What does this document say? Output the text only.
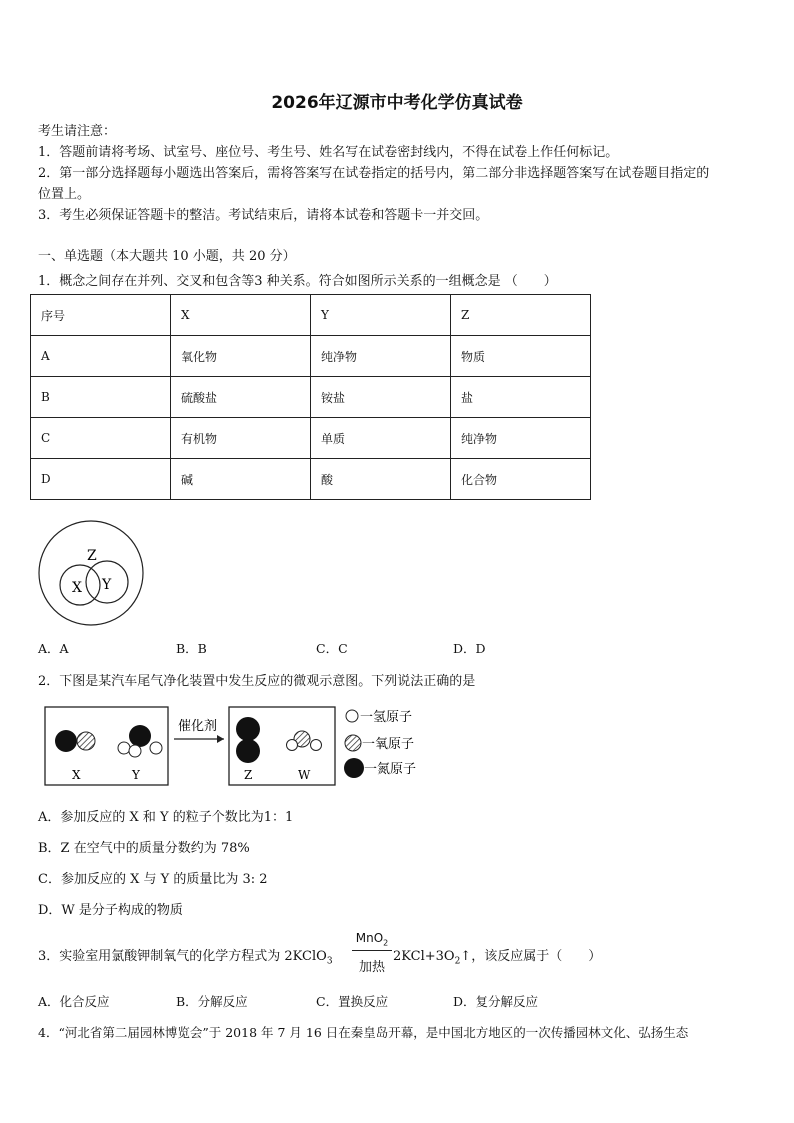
2026年辽源市中考化学仿真试卷
考生请注意：
1．答题前请将考场、试室号、座位号、考生号、姓名写在试卷密封线内，不得在试卷上作任何标记。
2．第一部分选择题每小题选出答案后，需将答案写在试卷指定的括号内，第二部分非选择题答案写在试卷题目指定的
位置上。
3．考生必须保证答题卡的整洁。考试结束后，请将本试卷和答题卡一并交回。
一、单选题（本大题共 10 小题，共 20 分）
1．概念之间存在并列、交叉和包含等3 种关系。符合如图所示关系的一组概念是 （　　）
序号	X	Y	Z
A	氧化物	纯净物	物质
B	硫酸盐	铵盐	盐
C	有机物	单质	纯净物
D	碱	酸	化合物
Z
X Y
A．A	B．B	C．C	D．D
2．下图是某汽车尾气净化装置中发生反应的微观示意图。下列说法正确的是
X	Y
催化剂
Z	W
一氢原子
一氧原子
一氮原子
A．参加反应的 X 和 Y 的粒子个数比为1：1
B．Z 在空气中的质量分数约为 78%
C．参加反应的 X 与 Y 的质量比为 3: 2
D．W 是分子构成的物质
3．实验室用氯酸钾制氧气的化学方程式为 2KClO$_3$
MnO$_2$
加热
$2KCl+3O_2↑$，该反应属于（　　）
A．化合反应	B．分解反应	C．置换反应	D．复分解反应
4．“河北省第二届园林博览会”于 2018 年 7 月 16 日在秦皇岛开幕，是中国北方地区的一次传播园林文化、弘扬生态
